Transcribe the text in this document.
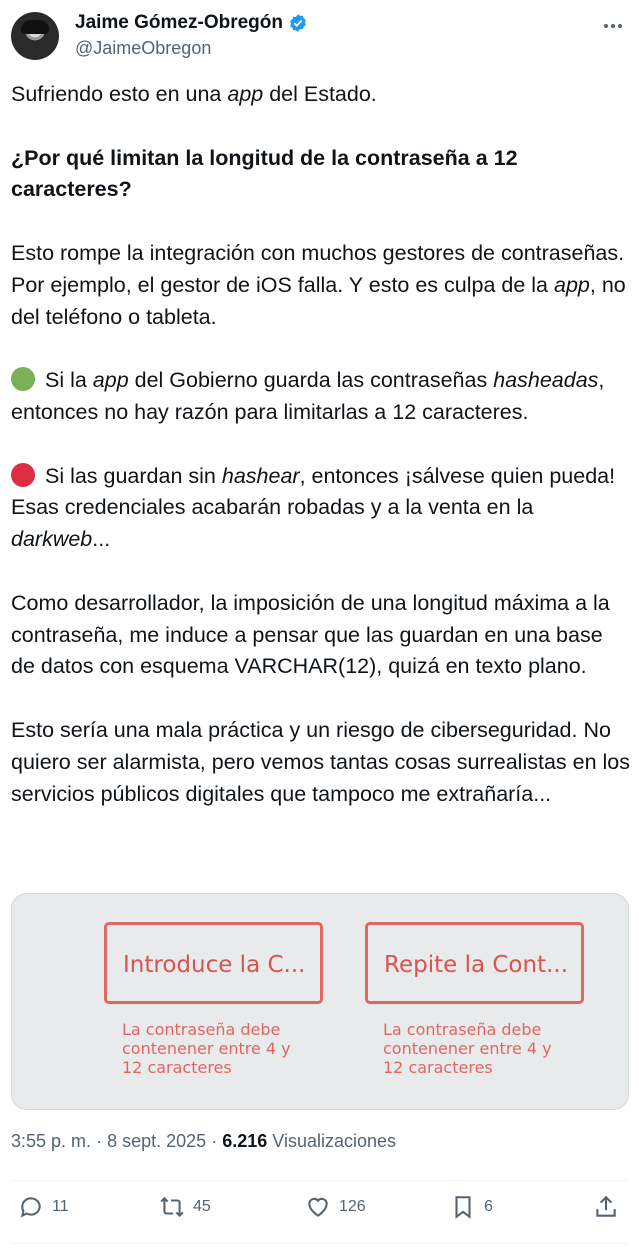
Jaime Gómez-Obregón
@JaimeObregon

Sufriendo esto en una app del Estado.

¿Por qué limitan la longitud de la contraseña a 12 caracteres?

Esto rompe la integración con muchos gestores de contraseñas. Por ejemplo, el gestor de iOS falla. Y esto es culpa de la app, no del teléfono o tableta.

Si la app del Gobierno guarda las contraseñas hasheadas, entonces no hay razón para limitarlas a 12 caracteres.

Si las guardan sin hashear, entonces ¡sálvese quien pueda! Esas credenciales acabarán robadas y a la venta en la darkweb...

Como desarrollador, la imposición de una longitud máxima a la contraseña, me induce a pensar que las guardan en una base de datos con esquema VARCHAR(12), quizá en texto plano.

Esto sería una mala práctica y un riesgo de ciberseguridad. No quiero ser alarmista, pero vemos tantas cosas surrealistas en los servicios públicos digitales que tampoco me extrañaría...

Introduce la C...
La contraseña debe
contenener entre 4 y
12 caracteres
Repite la Cont...
La contraseña debe
contenener entre 4 y
12 caracteres
3:55 p. m. · 8 sept. 2025 · 6.216 Visualizaciones
11	45	126	6
